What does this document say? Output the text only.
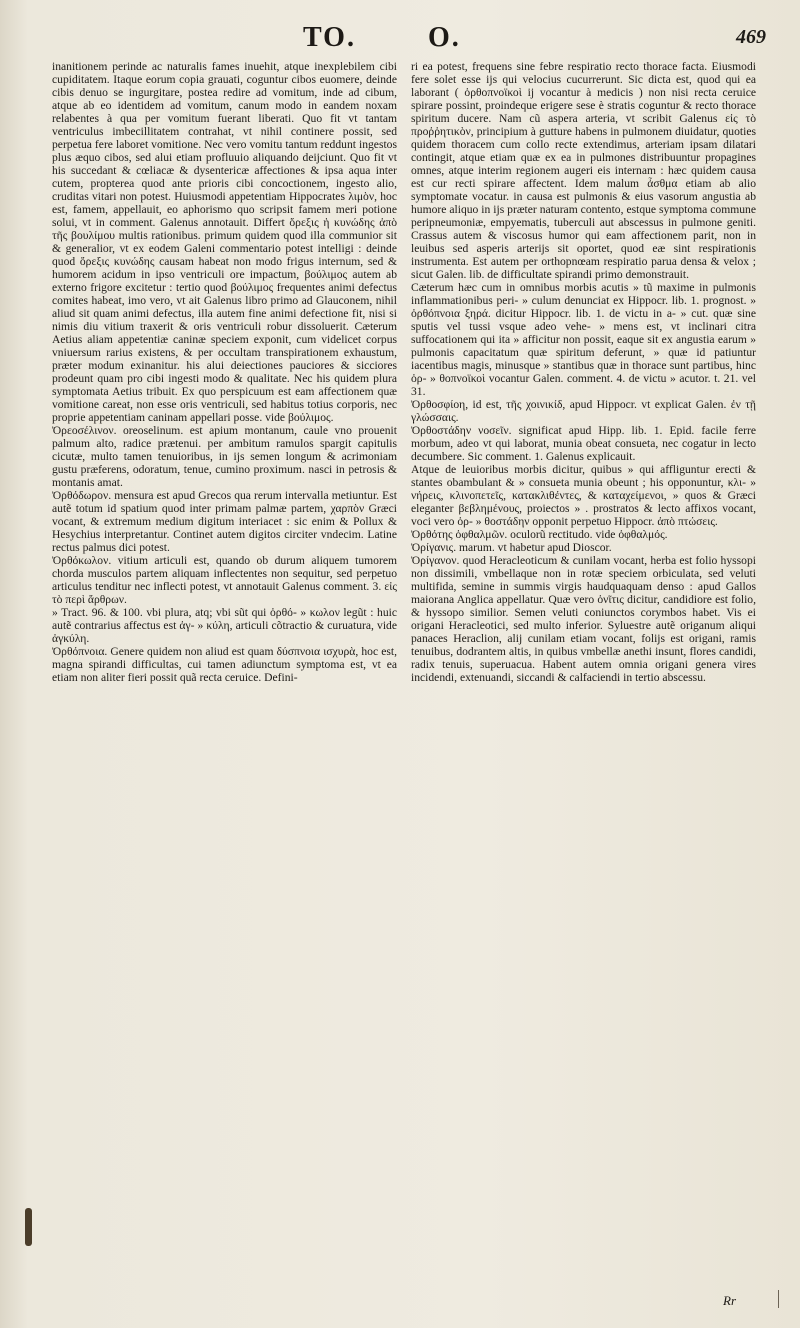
TO.	Ο.	469

inanitionem perinde ac naturalis fames inuehit, atque inexplebilem cibi cupiditatem. Itaque eorum copia grauati, coguntur cibos euomere, deinde cibis denuo se ingurgitare, postea redire ad vomitum, inde ad cibum, atque ab eo identidem ad vomitum, canum modo in eandem noxam relabentes à qua per vomitum fuerant liberati. Quo fit vt tantam ventriculus imbecillitatem contrahat, vt nihil continere possit, sed perpetua fere laboret vomitione. Nec vero vomitu tantum reddunt ingestos plus æquo cibos, sed alui etiam profluuio aliquando deijciunt. Quo fit vt his succedant & cœliacæ & dysentericæ affectiones & ipsa aqua inter cutem, propterea quod ante prioris cibi concoctionem, ingesto alio, cruditas vitari non potest. Huiusmodi appetentiam Hippocrates λιμὸν, hoc est, famem, appellauit, eo aphorismo quo scripsit famem meri potione solui, vt in comment. Galenus annotauit. Differt ὄρεξις ἡ κυνώδης ἀπὸ τῆς βουλίμου multis rationibus. primum quidem quod illa communior sit & generalior, vt ex eodem Galeni commentario potest intelligi : deinde quod ὄρεξις κυνώδης causam habeat non modo frigus internum, sed & humorem acidum in ipso ventriculi ore impactum, βούλιμος autem ab externo frigore excitetur : tertio quod βούλιμος frequentes animi defectus comites habeat, imo vero, vt ait Galenus libro primo ad Glauconem, nihil aliud sit quam animi defectus, illa autem fine animi defectione fit, nisi si nimis diu vitium traxerit & oris ventriculi robur dissoluerit. Cæterum Aetius aliam appetentiæ caninæ speciem exponit, cum videlicet corpus vniuersum rarius existens, & per occultam transpirationem exhaustum, præter modum exinanitur. his alui deiectiones pauciores & sicciores prodeunt quam pro cibi ingesti modo & qualitate. Nec his quidem plura symptomata Aetius tribuit. Ex quo perspicuum est eam affectionem quæ vomitione careat, non esse oris ventriculi, sed habitus totius corporis, nec proprie appetentiam caninam appellari posse. vide βούλιμος.

Ὀρεοσέλινον. oreoselinum. est apium montanum, caule vno prouenit palmum alto, radice prætenui. per ambitum ramulos spargit capitulis cicutæ, multo tamen tenuioribus, in ijs semen longum & acrimoniam gustu præferens, odoratum, tenue, cumino proximum. nasci in petrosis & montanis amat.

Ὀρθόδωρον. mensura est apud Grecos qua rerum intervalla metiuntur. Est autẽ totum id spatium quod inter primam palmæ partem, χαρπὸν Græci vocant, & extremum medium digitum interiacet : sic enim & Pollux & Hesychius interpretantur. Continet autem digitos circiter vndecim. Latine rectus palmus dici potest.

Ὀρθόκωλον. vitium articuli est, quando ob durum aliquem tumorem chorda musculos partem aliquam inflectentes non sequitur, sed perpetuo articulus tenditur nec inflecti potest, vt annotauit Galenus comment. 3. εἰς τὸ περὶ ἄρθρων.

» Tract. 96. & 100. vbi plura, atq; vbi sũt qui ὀρθό- » κωλον legũt : huic autẽ contrarius affectus est ἀγ- » κύλη, articuli cõtractio & curuatura, vide ἀγκύλη.

Ὀρθόπνοια. Genere quidem non aliud est quam δύσπνοια ισχυρὰ, hoc est, magna spirandi difficultas, cui tamen adiunctum symptoma est, vt ea etiam non aliter fieri possit quã recta ceruice. Defini-

ri ea potest, frequens sine febre respiratio recto thorace facta. Eiusmodi fere solet esse ijs qui velocius cucurrerunt. Sic dicta est, quod qui ea laborant ( ὀρθοπνοϊκοὶ ij vocantur à medicis ) non nisi recta ceruice spirare possint, proindeque erigere sese è stratis coguntur & recto thorace spiritum ducere. Nam cũ aspera arteria, vt scribit Galenus εἰς τὸ προῤῥητικὸν, principium à gutture habens in pulmonem diuidatur, quoties quidem thoracem cum collo recte extendimus, arteriam ipsam dilatari contingit, atque etiam quæ ex ea in pulmones distribuuntur propagines omnes, atque interim regionem augeri eis internam : hæc quidem causa est cur recti spirare affectent. Idem malum ἆσθμα etiam ab alio symptomate vocatur. in causa est pulmonis & eius vasorum angustia ab humore aliquo in ijs præter naturam contento, estque symptoma commune peripneumoniæ, empyematis, tuberculi aut abscessus in pulmone geniti. Crassus autem & viscosus humor qui eam affectionem parit, non in leuibus sed asperis arterijs sit oportet, quod eæ sint respirationis instrumenta. Est autem per orthopnœam respiratio parua densa & velox ; sicut Galen. lib. de difficultate spirandi primo demonstrauit.

Cæterum hæc cum in omnibus morbis acutis » tũ maxime in pulmonis inflammationibus peri- » culum denunciat ex Hippocr. lib. 1. prognost. » ὀρθόπνοια ξηρά. dicitur Hippocr. lib. 1. de victu in a- » cut. quæ sine sputis vel tussi vsque adeo vehe- » mens est, vt inclinari citra suffocationem qui ita » afficitur non possit, eaque sit ex angustia earum » pulmonis capacitatum quæ spiritum deferunt, » quæ id patiuntur iacentibus magis, minusque » stantibus quæ in thorace sunt partibus, hinc ὀρ- » θοπνοϊκοὶ vocantur Galen. comment. 4. de victu » acutor. t. 21. vel 31.

Ὀρθοσφίοη, id est, τῆς χοινικίδ, apud Hippocr. vt explicat Galen. ἐν τῇ γλώσσαις.

Ὀρθοστάδην νοσεῖν. significat apud Hipp. lib. 1. Epid. facile ferre morbum, adeo vt qui laborat, munia obeat consueta, nec cogatur in lecto decumbere. Sic comment. 1. Galenus explicauit.

Atque de leuioribus morbis dicitur, quibus » qui affliguntur erecti & stantes obambulant & » consueta munia obeunt ; his opponuntur, κλι- » νήρεις, κλινοπετεῖς, κατακλιθέντες, & καταχείμενοι, » quos & Græci eleganter βεβλημένους, proiectos » . prostratos & lecto affixos vocant, voci vero ὀρ- » θοστάδην opponit perpetuo Hippocr. ἀπὸ πτώσεις.

Ὀρθότης ὀφθαλμῶν. oculorũ rectitudo. vide ὀφθαλμός.

Ὀρίγανις. marum. vt habetur apud Dioscor.

Ὀρίγανον. quod Heracleoticum & cunilam vocant, herba est folio hyssopi non dissimili, vmbellaque non in rotæ speciem orbiculata, sed veluti multifida, semine in summis virgis haudquaquam denso : apud Gallos maiorana Anglica appellatur. Quæ vero ὀνῖτις dicitur, candidiore est folio, & hyssopo similior. Semen veluti coniunctos corymbos habet. Vis ei origani Heracleotici, sed multo inferior. Syluestre autẽ origanum aliqui panaces Heraclion, alij cunilam etiam vocant, folijs est origani, ramis tenuibus, dodrantem altis, in quibus vmbellæ anethi insunt, flores candidi, radix tenuis, superuacua. Habent autem omnia origani genera vires incidendi, extenuandi, siccandi & calfaciendi in tertio abscessu.

Rr
